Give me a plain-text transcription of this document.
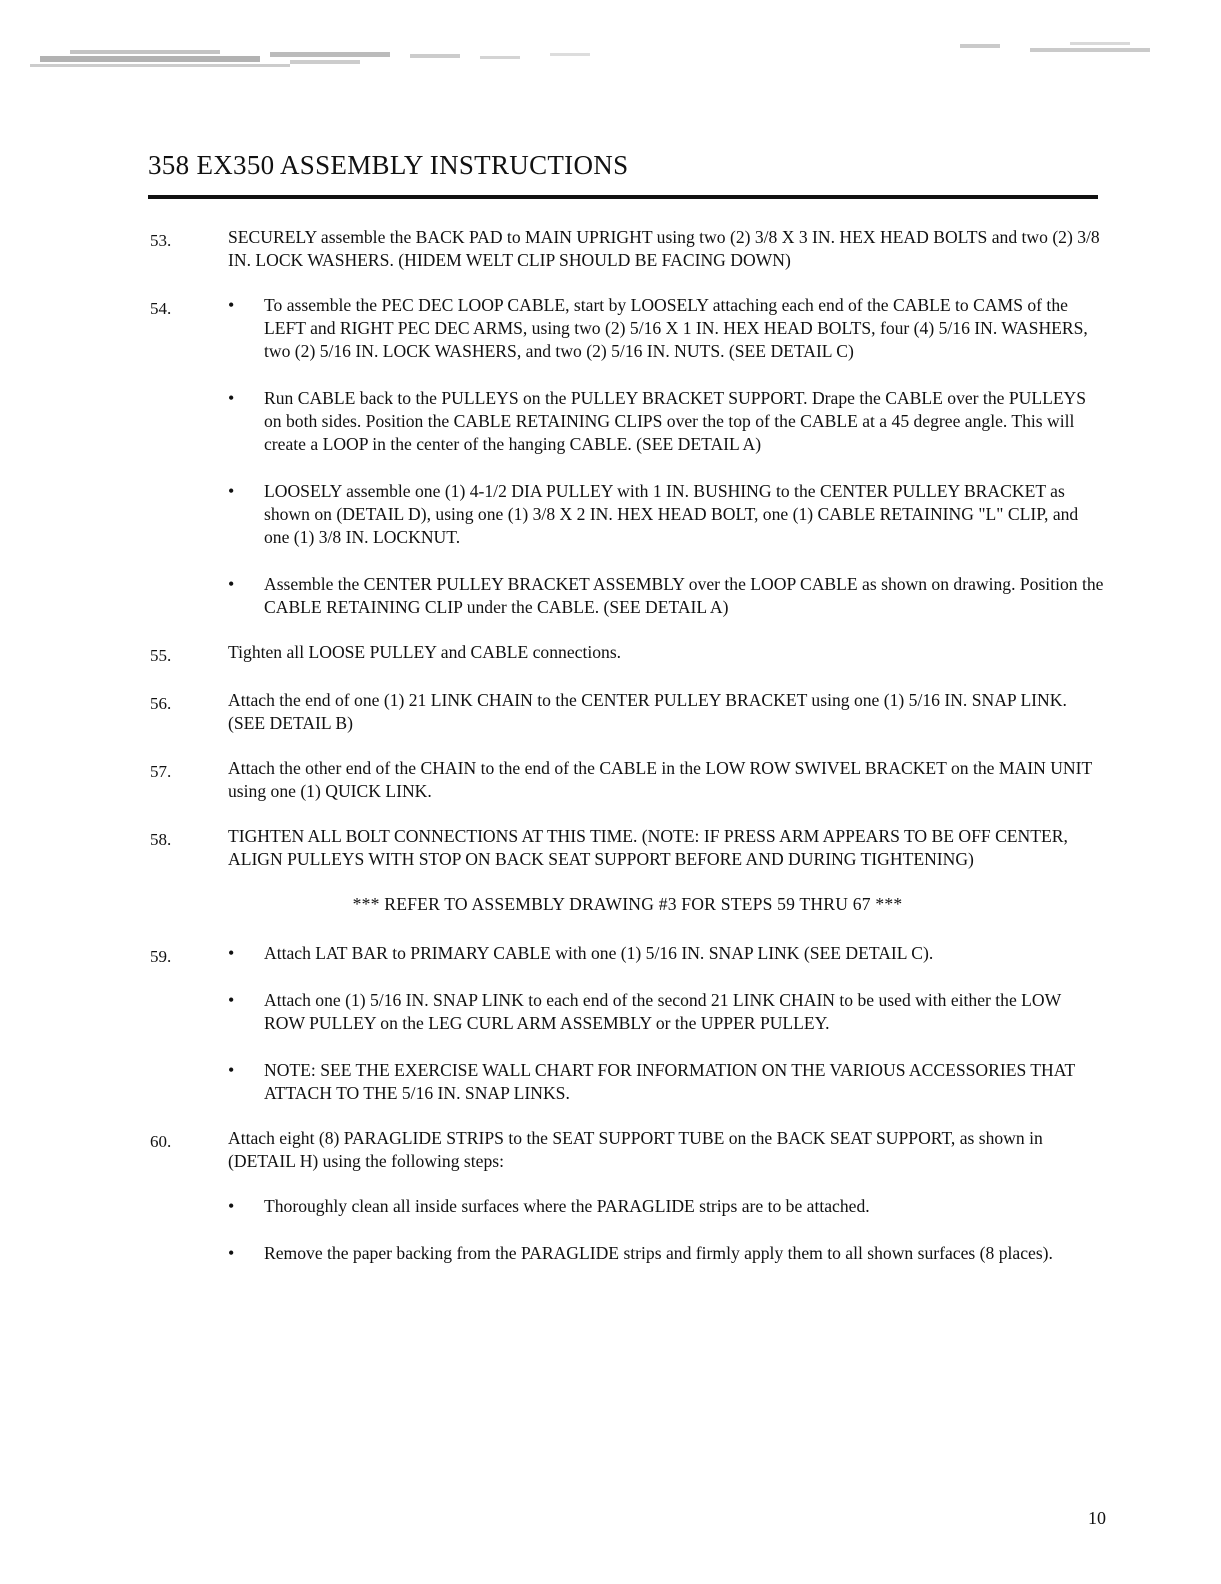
358 EX350 ASSEMBLY INSTRUCTIONS
53.	SECURELY assemble the BACK PAD to MAIN UPRIGHT using two (2) 3/8 X 3 IN. HEX HEAD BOLTS and two (2) 3/8 IN. LOCK WASHERS. (HIDEM WELT CLIP SHOULD BE FACING DOWN)
54.	• To assemble the PEC DEC LOOP CABLE, start by LOOSELY attaching each end of the CABLE to CAMS of the LEFT and RIGHT PEC DEC ARMS, using two (2) 5/16 X 1 IN. HEX HEAD BOLTS, four (4) 5/16 IN. WASHERS, two (2) 5/16 IN. LOCK WASHERS, and two (2) 5/16 IN. NUTS. (SEE DETAIL C)
• Run CABLE back to the PULLEYS on the PULLEY BRACKET SUPPORT. Drape the CABLE over the PULLEYS on both sides. Position the CABLE RETAINING CLIPS over the top of the CABLE at a 45 degree angle. This will create a LOOP in the center of the hanging CABLE. (SEE DETAIL A)
• LOOSELY assemble one (1) 4-1/2 DIA PULLEY with 1 IN. BUSHING to the CENTER PULLEY BRACKET as shown on (DETAIL D), using one (1) 3/8 X 2 IN. HEX HEAD BOLT, one (1) CABLE RETAINING "L" CLIP, and one (1) 3/8 IN. LOCKNUT.
• Assemble the CENTER PULLEY BRACKET ASSEMBLY over the LOOP CABLE as shown on drawing. Position the CABLE RETAINING CLIP under the CABLE. (SEE DETAIL A)
55.	Tighten all LOOSE PULLEY and CABLE connections.
56.	Attach the end of one (1) 21 LINK CHAIN to the CENTER PULLEY BRACKET using one (1) 5/16 IN. SNAP LINK. (SEE DETAIL B)
57.	Attach the other end of the CHAIN to the end of the CABLE in the LOW ROW SWIVEL BRACKET on the MAIN UNIT using one (1) QUICK LINK.
58.	TIGHTEN ALL BOLT CONNECTIONS AT THIS TIME. (NOTE: IF PRESS ARM APPEARS TO BE OFF CENTER, ALIGN PULLEYS WITH STOP ON BACK SEAT SUPPORT BEFORE AND DURING TIGHTENING)
*** REFER TO ASSEMBLY DRAWING #3 FOR STEPS 59 THRU 67 ***
59.	• Attach LAT BAR to PRIMARY CABLE with one (1) 5/16 IN. SNAP LINK (SEE DETAIL C).
• Attach one (1) 5/16 IN. SNAP LINK to each end of the second 21 LINK CHAIN to be used with either the LOW ROW PULLEY on the LEG CURL ARM ASSEMBLY or the UPPER PULLEY.
• NOTE: SEE THE EXERCISE WALL CHART FOR INFORMATION ON THE VARIOUS ACCESSORIES THAT ATTACH TO THE 5/16 IN. SNAP LINKS.
60.	Attach eight (8) PARAGLIDE STRIPS to the SEAT SUPPORT TUBE on the BACK SEAT SUPPORT, as shown in (DETAIL H) using the following steps:
• Thoroughly clean all inside surfaces where the PARAGLIDE strips are to be attached.
• Remove the paper backing from the PARAGLIDE strips and firmly apply them to all shown surfaces (8 places).
10
